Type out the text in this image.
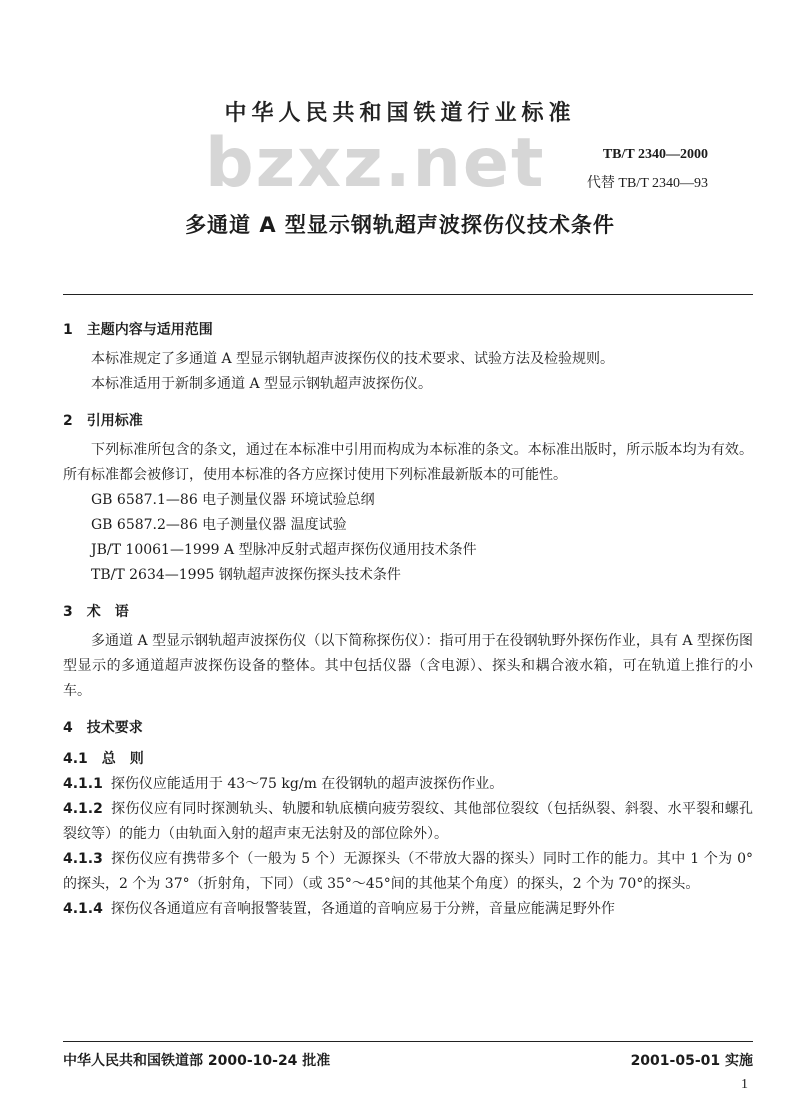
中华人民共和国铁道行业标准
bzxz.net	TB/T 2340—2000
代替 TB/T 2340—93
多通道 A 型显示钢轨超声波探伤仪技术条件
1　主题内容与适用范围
本标准规定了多通道 A 型显示钢轨超声波探伤仪的技术要求、试验方法及检验规则。
本标准适用于新制多通道 A 型显示钢轨超声波探伤仪。
2　引用标准
下列标准所包含的条文，通过在本标准中引用而构成为本标准的条文。本标准出版时，所示版本均为有效。所有标准都会被修订，使用本标准的各方应探讨使用下列标准最新版本的可能性。
GB 6587.1—86 电子测量仪器 环境试验总纲
GB 6587.2—86 电子测量仪器 温度试验
JB/T 10061—1999 A 型脉冲反射式超声探伤仪通用技术条件
TB/T 2634—1995 钢轨超声波探伤探头技术条件
3　术　语
多通道 A 型显示钢轨超声波探伤仪（以下简称探伤仪）：指可用于在役钢轨野外探伤作业，具有 A 型探伤图型显示的多通道超声波探伤设备的整体。其中包括仪器（含电源）、探头和耦合液水箱，可在轨道上推行的小车。
4　技术要求
4.1　总　则
4.1.1 探伤仪应能适用于 43～75 kg/m 在役钢轨的超声波探伤作业。
4.1.2 探伤仪应有同时探测轨头、轨腰和轨底横向疲劳裂纹、其他部位裂纹（包括纵裂、斜裂、水平裂和螺孔裂纹等）的能力（由轨面入射的超声束无法射及的部位除外）。
4.1.3 探伤仪应有携带多个（一般为 5 个）无源探头（不带放大器的探头）同时工作的能力。其中 1 个为 0°的探头，2 个为 37°（折射角，下同）（或 35°～45°间的其他某个角度）的探头，2 个为 70°的探头。
4.1.4 探伤仪各通道应有音响报警装置，各通道的音响应易于分辨，音量应能满足野外作
中华人民共和国铁道部 2000-10-24 批准	2001-05-01 实施
1
